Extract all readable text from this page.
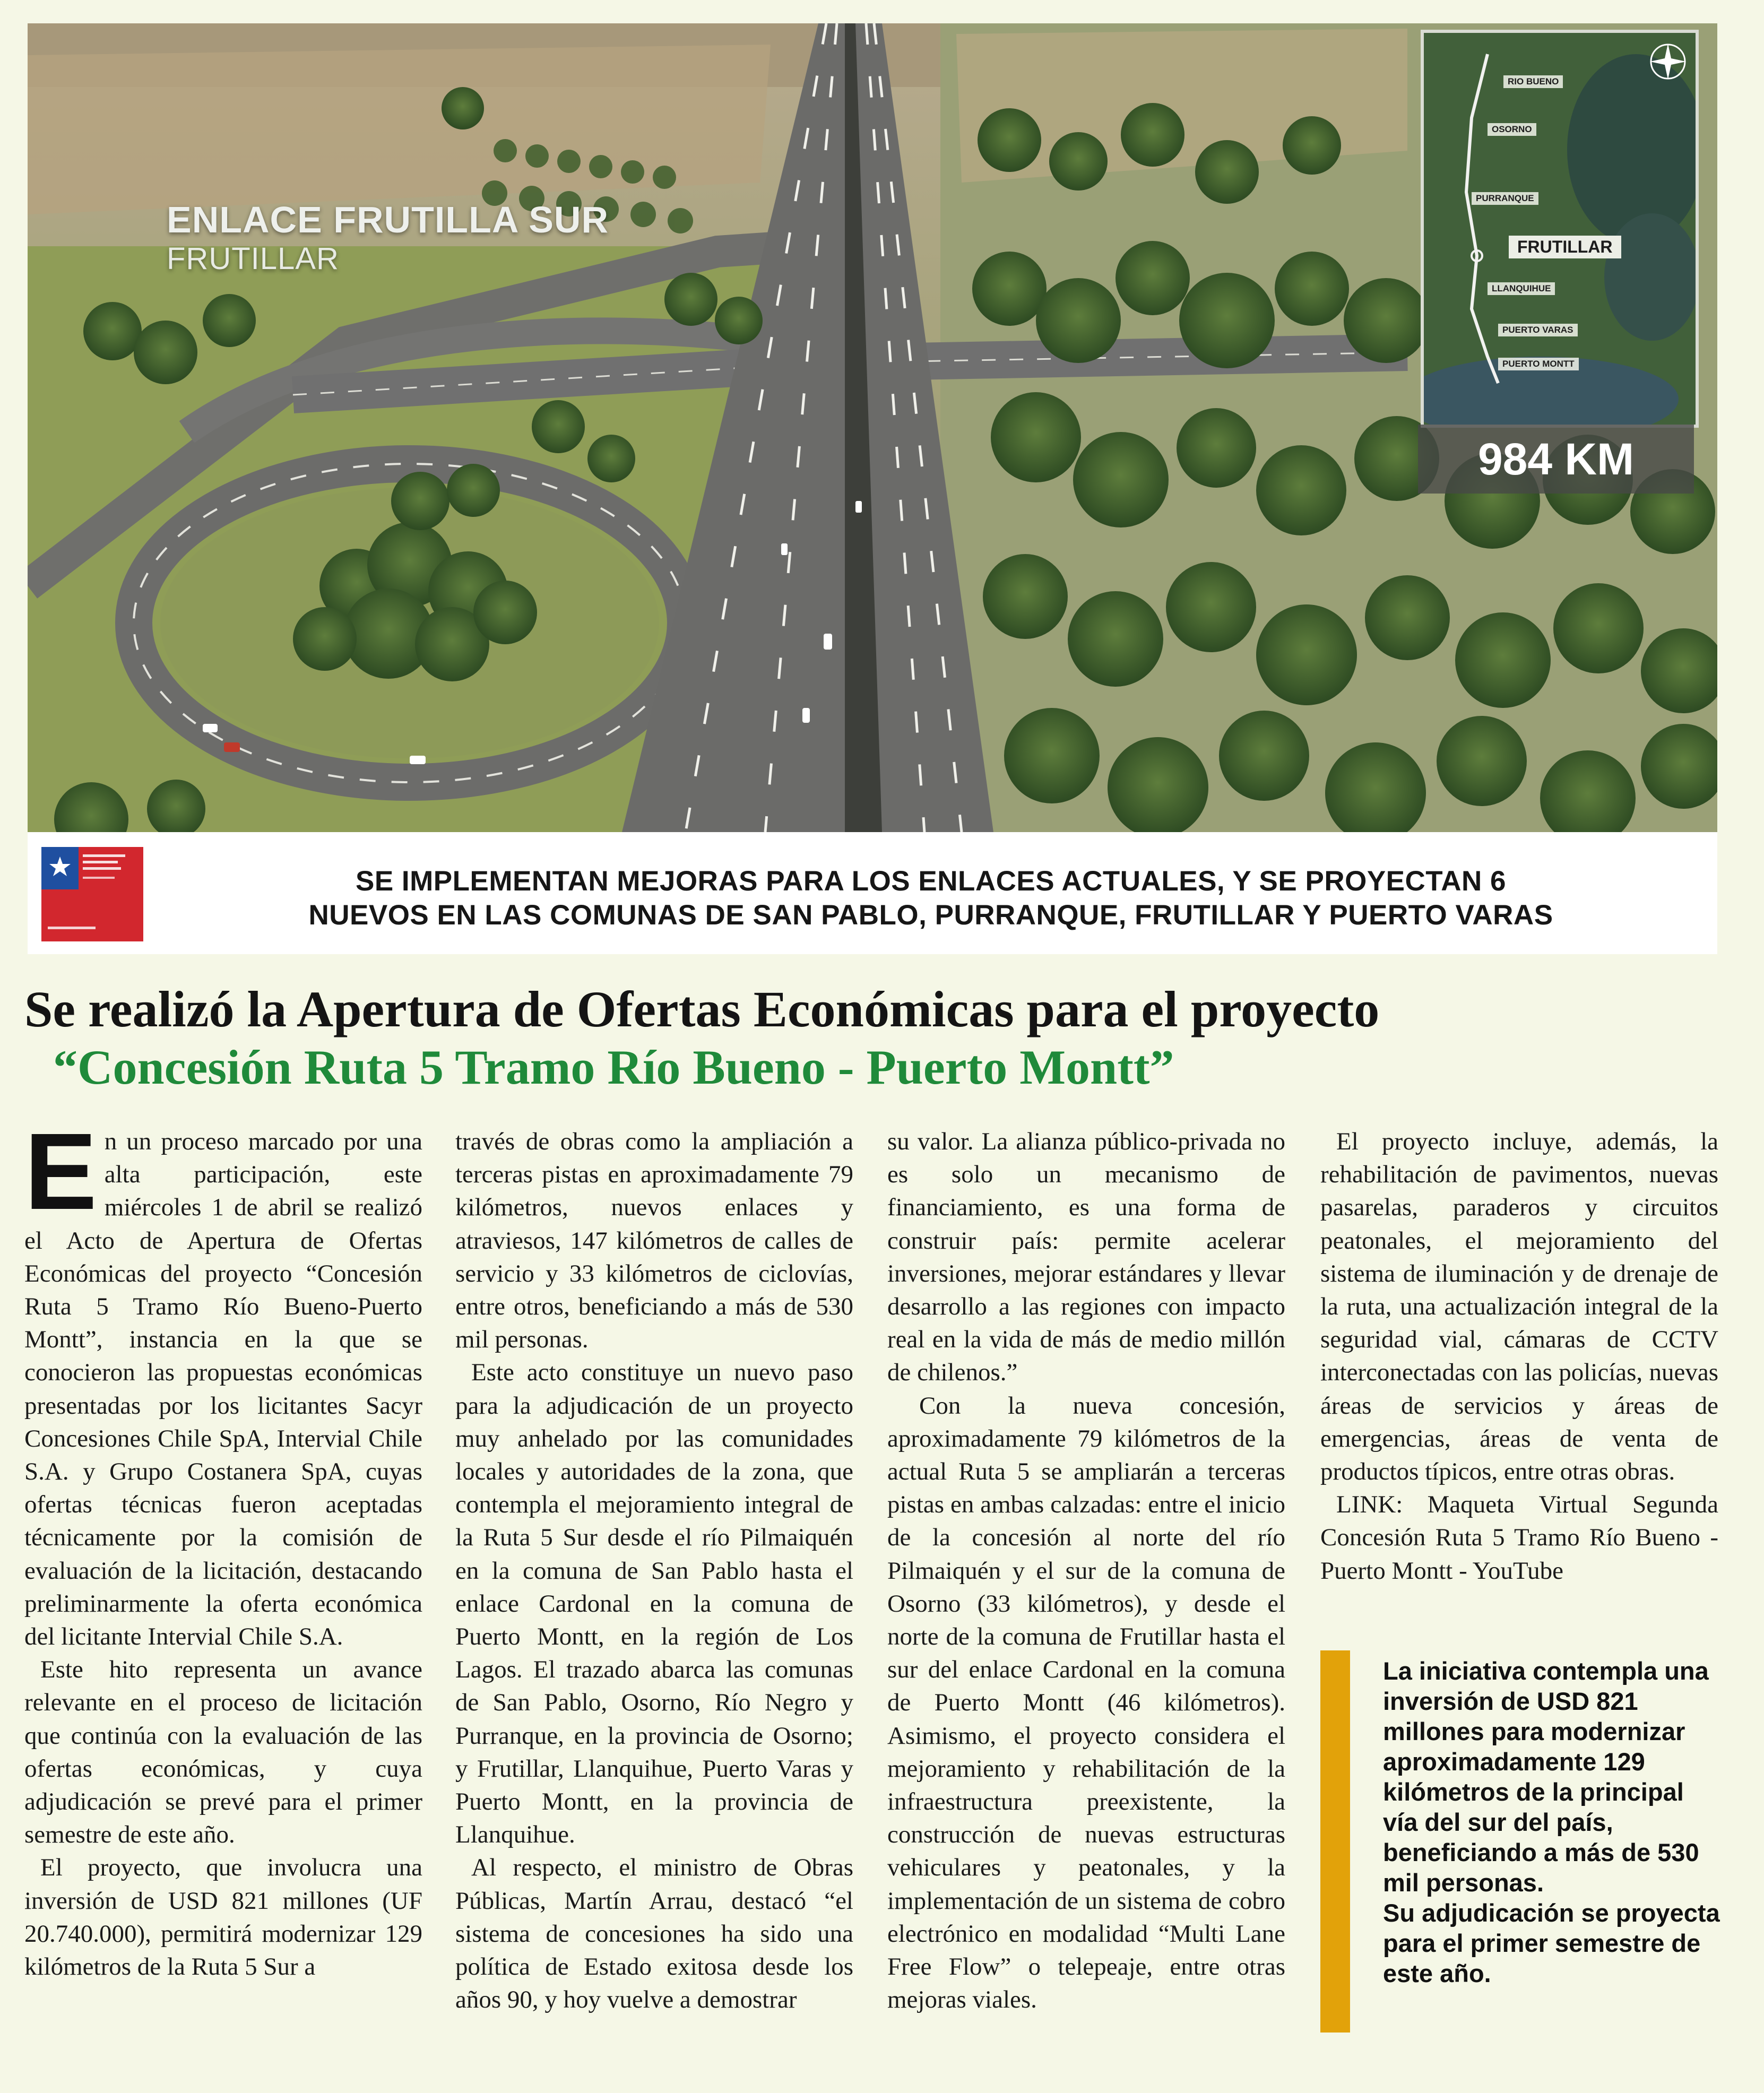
ENLACE FRUTILLA SUR
FRUTILLAR
RIO BUENO
OSORNO
PURRANQUE
FRUTILLAR
LLANQUIHUE
PUERTO VARAS
PUERTO MONTT
984 KM
SE IMPLEMENTAN MEJORAS PARA LOS ENLACES ACTUALES, Y SE PROYECTAN 6
NUEVOS EN LAS COMUNAS DE SAN PABLO, PURRANQUE, FRUTILLAR Y PUERTO VARAS
Se realizó la Apertura de Ofertas Económicas para el proyecto
“Concesión Ruta 5 Tramo Río Bueno - Puerto Montt”

En un proceso marcado por una alta participación, este miércoles 1 de abril se realizó el Acto de Apertura de Ofertas Económicas del proyecto “Concesión Ruta 5 Tramo Río Bueno-Puerto Montt”, instancia en la que se conocieron las propuestas económicas presentadas por los licitantes Sacyr Concesiones Chile SpA, Intervial Chile S.A. y Grupo Costanera SpA, cuyas ofertas técnicas fueron aceptadas técnicamente por la comisión de evaluación de la licitación, destacando preliminarmente la oferta económica del licitante Intervial Chile S.A.

Este hito representa un avance relevante en el proceso de licitación que continúa con la evaluación de las ofertas económicas, y cuya adjudicación se prevé para el primer semestre de este año.

El proyecto, que involucra una inversión de USD 821 millones (UF 20.740.000), permitirá modernizar 129 kilómetros de la Ruta 5 Sur a

través de obras como la ampliación a terceras pistas en aproximadamente 79 kilómetros, nuevos enlaces y atraviesos, 147 kilómetros de calles de servicio y 33 kilómetros de ciclovías, entre otros, beneficiando a más de 530 mil personas.

Este acto constituye un nuevo paso para la adjudicación de un proyecto muy anhelado por las comunidades locales y autoridades de la zona, que contempla el mejoramiento integral de la Ruta 5 Sur desde el río Pilmaiquén en la comuna de San Pablo hasta el enlace Cardonal en la comuna de Puerto Montt, en la región de Los Lagos. El trazado abarca las comunas de San Pablo, Osorno, Río Negro y Purranque, en la provincia de Osorno; y Frutillar, Llanquihue, Puerto Varas y Puerto Montt, en la provincia de Llanquihue.

Al respecto, el ministro de Obras Públicas, Martín Arrau, destacó “el sistema de concesiones ha sido una política de Estado exitosa desde los años 90, y hoy vuelve a demostrar

su valor. La alianza público-privada no es solo un mecanismo de financiamiento, es una forma de construir país: permite acelerar inversiones, mejorar estándares y llevar desarrollo a las regiones con impacto real en la vida de más de medio millón de chilenos.”

Con la nueva concesión, aproximadamente 79 kilómetros de la actual Ruta 5 se ampliarán a terceras pistas en ambas calzadas: entre el inicio de la concesión al norte del río Pilmaiquén y el sur de la comuna de Osorno (33 kilómetros), y desde el norte de la comuna de Frutillar hasta el sur del enlace Cardonal en la comuna de Puerto Montt (46 kilómetros). Asimismo, el proyecto considera el mejoramiento y rehabilitación de la infraestructura preexistente, la construcción de nuevas estructuras vehiculares y peatonales, y la implementación de un sistema de cobro electrónico en modalidad “Multi Lane Free Flow” o telepeaje, entre otras mejoras viales.

El proyecto incluye, además, la rehabilitación de pavimentos, nuevas pasarelas, paraderos y circuitos peatonales, el mejoramiento del sistema de iluminación y de drenaje de la ruta, una actualización integral de la seguridad vial, cámaras de CCTV interconectadas con las policías, nuevas áreas de servicios y áreas de emergencias, áreas de venta de productos típicos, entre otras obras.

LINK: Maqueta Virtual Segunda Concesión Ruta 5 Tramo Río Bueno - Puerto Montt - YouTube

La iniciativa contempla una inversión de USD 821 millones para modernizar aproximadamente 129 kilómetros de la principal vía del sur del país, beneficiando a más de 530 mil personas.

Su adjudicación se proyecta para el primer semestre de este año.
